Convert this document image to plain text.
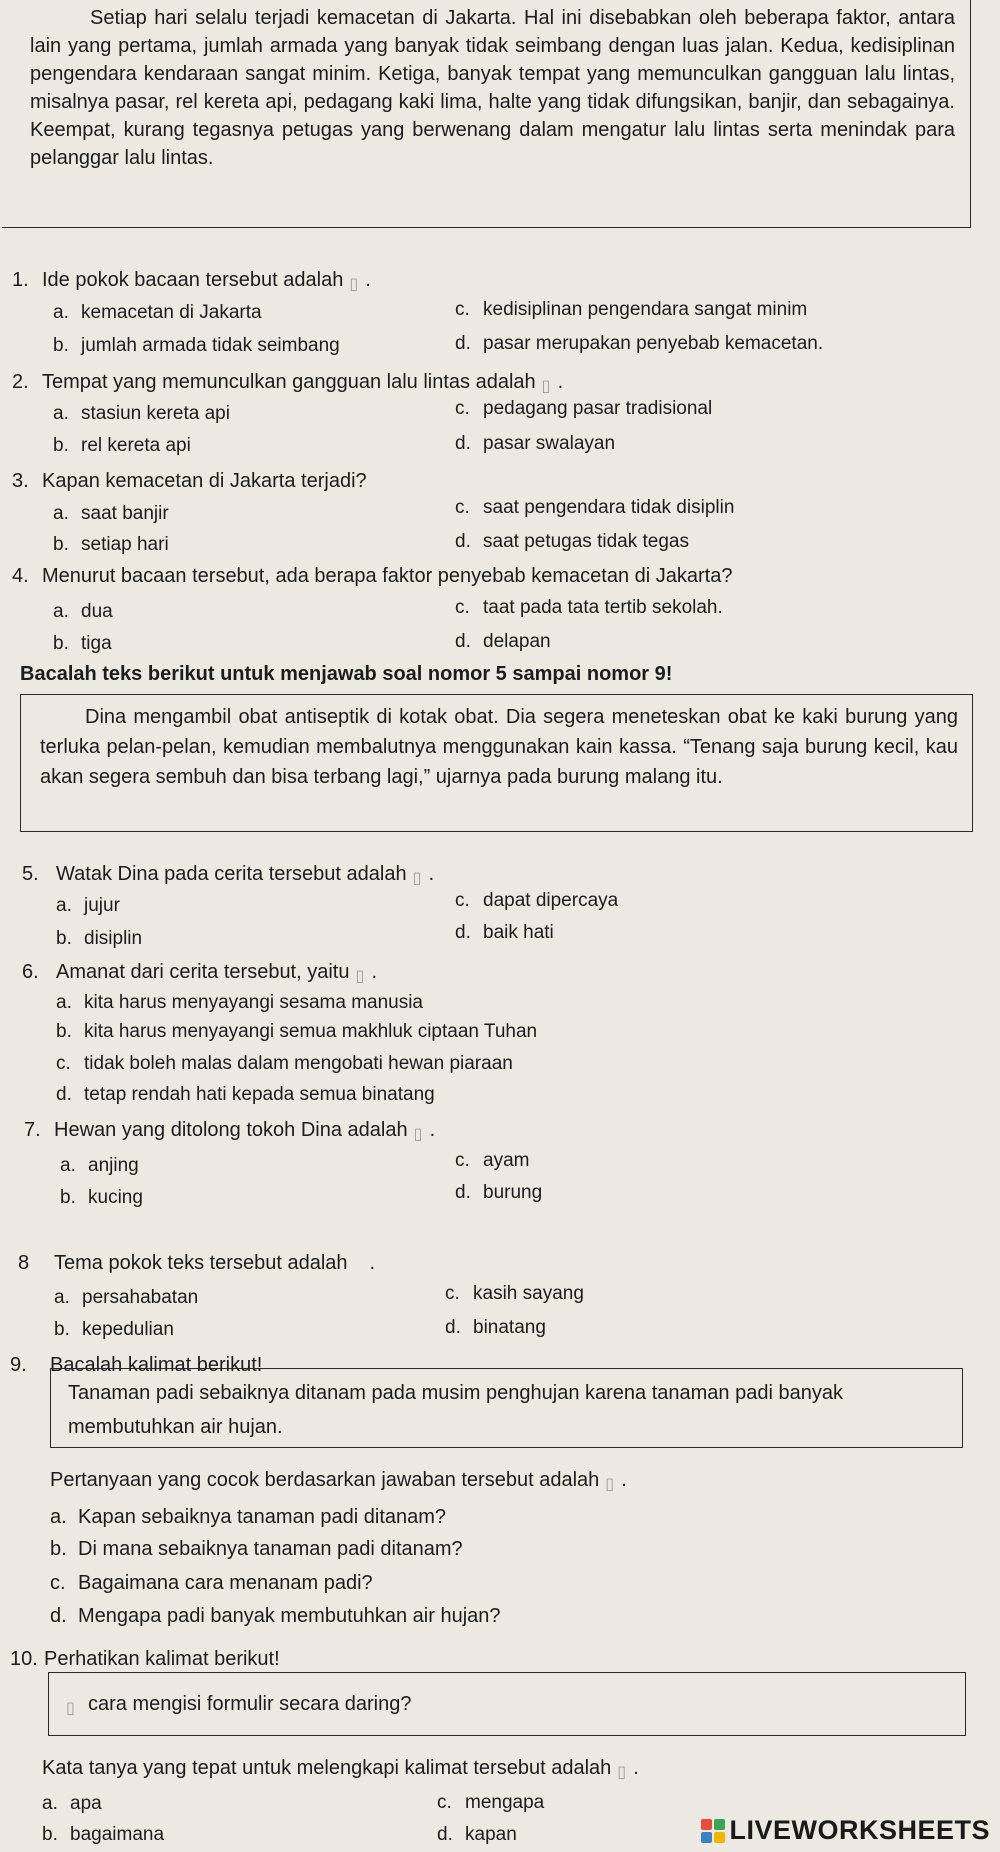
Setiap hari selalu terjadi kemacetan di Jakarta. Hal ini disebabkan oleh beberapa faktor, antara lain yang pertama, jumlah armada yang banyak tidak seimbang dengan luas jalan. Kedua, kedisiplinan pengendara kendaraan sangat minim. Ketiga, banyak tempat yang memunculkan gangguan lalu lintas, misalnya pasar, rel kereta api, pedagang kaki lima, halte yang tidak difungsikan, banjir, dan sebagainya. Keempat, kurang tegasnya petugas yang berwenang dalam mengatur lalu lintas serta menindak para pelanggar lalu lintas.

1. Ide pokok bacaan tersebut adalah ▯ .
a. kemacetan di Jakarta	c. kedisiplinan pengendara sangat minim
b. jumlah armada tidak seimbang	d. pasar merupakan penyebab kemacetan.
2. Tempat yang memunculkan gangguan lalu lintas adalah ▯ .
a. stasiun kereta api	c. pedagang pasar tradisional
b. rel kereta api	d. pasar swalayan
3. Kapan kemacetan di Jakarta terjadi?
a. saat banjir	c. saat pengendara tidak disiplin
b. setiap hari	d. saat petugas tidak tegas
4. Menurut bacaan tersebut, ada berapa faktor penyebab kemacetan di Jakarta?
a. dua	c. taat pada tata tertib sekolah.
b. tiga	d. delapan
Bacalah teks berikut untuk menjawab soal nomor 5 sampai nomor 9!

Dina mengambil obat antiseptik di kotak obat. Dia segera meneteskan obat ke kaki burung yang terluka pelan-pelan, kemudian membalutnya menggunakan kain kassa. “Tenang saja burung kecil, kau akan segera sembuh dan bisa terbang lagi,” ujarnya pada burung malang itu.

5. Watak Dina pada cerita tersebut adalah ▯ .
a. jujur	c. dapat dipercaya
b. disiplin	d. baik hati
6. Amanat dari cerita tersebut, yaitu ▯ .
a. kita harus menyayangi sesama manusia
b. kita harus menyayangi semua makhluk ciptaan Tuhan
c. tidak boleh malas dalam mengobati hewan piaraan
d. tetap rendah hati kepada semua binatang
7. Hewan yang ditolong tokoh Dina adalah ▯ .
a. anjing	c. ayam
b. kucing	d. burung
8 Tema pokok teks tersebut adalah .
a. persahabatan	c. kasih sayang
b. kepedulian	d. binatang
9. Bacalah kalimat berikut!

Tanaman padi sebaiknya ditanam pada musim penghujan karena tanaman padi banyak membutuhkan air hujan.

Pertanyaan yang cocok berdasarkan jawaban tersebut adalah ▯ .
a. Kapan sebaiknya tanaman padi ditanam?
b. Di mana sebaiknya tanaman padi ditanam?
c. Bagaimana cara menanam padi?
d. Mengapa padi banyak membutuhkan air hujan?
10. Perhatikan kalimat berikut!
▯ cara mengisi formulir secara daring?
Kata tanya yang tepat untuk melengkapi kalimat tersebut adalah ▯ .
a. apa	c. mengapa
b. bagaimana	d. kapan	LIVEWORKSHEETS
